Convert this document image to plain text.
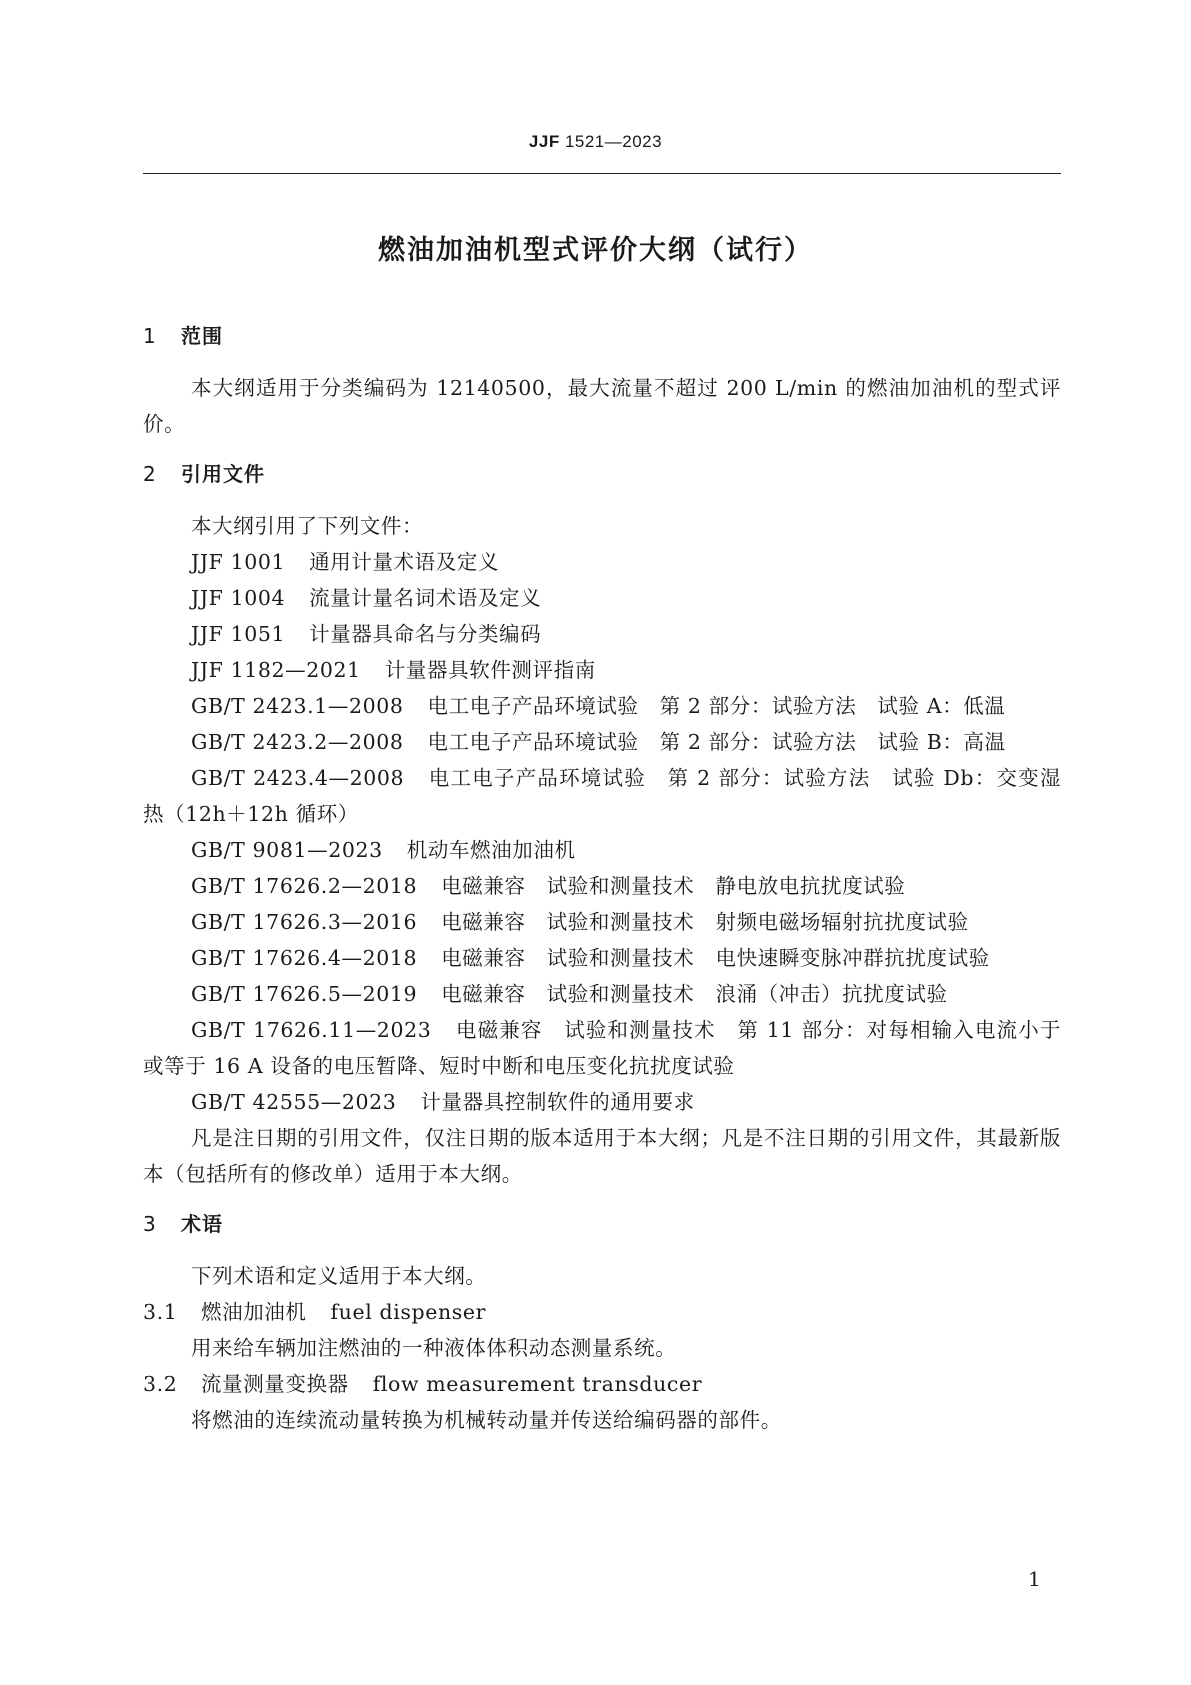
JJF 1521—2023
燃油加油机型式评价大纲（试行）

1 范围

本大纲适用于分类编码为 12140500，最大流量不超过 200 L/min 的燃油加油机的型式评价。

2 引用文件

本大纲引用了下列文件：

JJF 1001 通用计量术语及定义

JJF 1004 流量计量名词术语及定义

JJF 1051 计量器具命名与分类编码

JJF 1182—2021 计量器具软件测评指南

GB/T 2423.1—2008 电工电子产品环境试验　第 2 部分：试验方法　试验 A：低温

GB/T 2423.2—2008 电工电子产品环境试验　第 2 部分：试验方法　试验 B：高温

GB/T 2423.4—2008 电工电子产品环境试验　第 2 部分：试验方法　试验 Db：交变湿热（12h＋12h 循环）

GB/T 9081—2023 机动车燃油加油机

GB/T 17626.2—2018 电磁兼容　试验和测量技术　静电放电抗扰度试验

GB/T 17626.3—2016 电磁兼容　试验和测量技术　射频电磁场辐射抗扰度试验

GB/T 17626.4—2018 电磁兼容　试验和测量技术　电快速瞬变脉冲群抗扰度试验

GB/T 17626.5—2019 电磁兼容　试验和测量技术　浪涌（冲击）抗扰度试验

GB/T 17626.11—2023 电磁兼容　试验和测量技术　第 11 部分：对每相输入电流小于或等于 16 A 设备的电压暂降、短时中断和电压变化抗扰度试验

GB/T 42555—2023 计量器具控制软件的通用要求

凡是注日期的引用文件，仅注日期的版本适用于本大纲；凡是不注日期的引用文件，其最新版本（包括所有的修改单）适用于本大纲。

3 术语

下列术语和定义适用于本大纲。

3.1 燃油加油机 fuel dispenser

用来给车辆加注燃油的一种液体体积动态测量系统。

3.2 流量测量变换器 flow measurement transducer

将燃油的连续流动量转换为机械转动量并传送给编码器的部件。

1
